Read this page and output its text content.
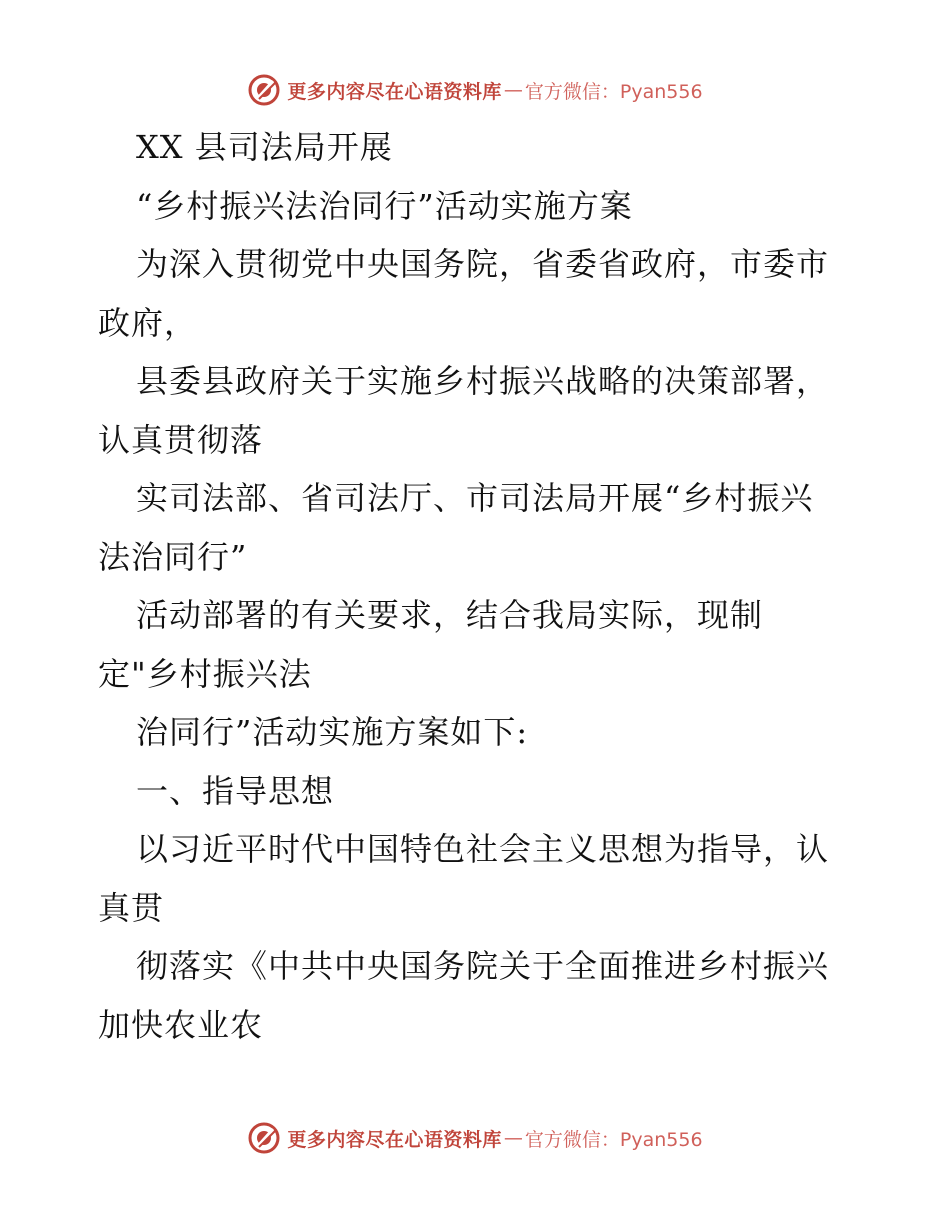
更多内容尽在心语资料库 — 官方微信：Pyan556
XX 县司法局开展
“乡村振兴法治同行”活动实施方案
为深入贯彻党中央国务院，省委省政府，市委市
政府，
县委县政府关于实施乡村振兴战略的决策部署，
认真贯彻落
实司法部、省司法厅、市司法局开展“乡村振兴
法治同行”
活动部署的有关要求，结合我局实际，现制
定"乡村振兴法
治同行”活动实施方案如下:
一、指导思想
以习近平时代中国特色社会主义思想为指导，认
真贯
彻落实《中共中央国务院关于全面推进乡村振兴
加快农业农
更多内容尽在心语资料库 — 官方微信：Pyan556
